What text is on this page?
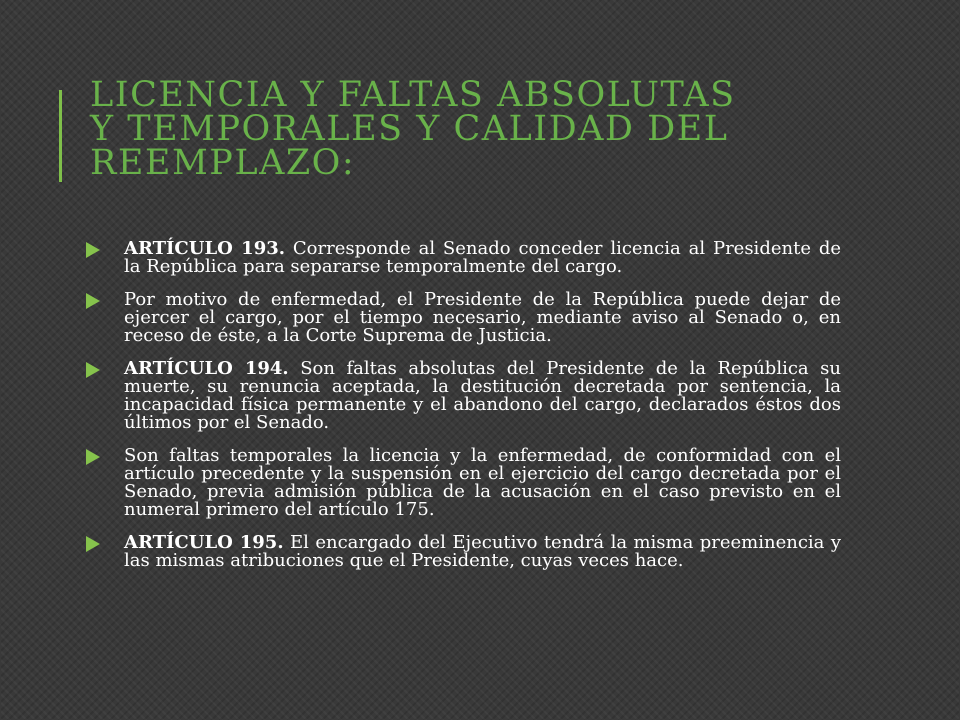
LICENCIA Y FALTAS ABSOLUTAS
Y TEMPORALES Y CALIDAD DEL
REEMPLAZO:
ARTÍCULO 193. Corresponde al Senado conceder licencia al Presidente de la República para separarse temporalmente del cargo.
Por motivo de enfermedad, el Presidente de la República puede dejar de ejercer el cargo, por el tiempo necesario, mediante aviso al Senado o, en receso de éste, a la Corte Suprema de Justicia.
ARTÍCULO 194. Son faltas absolutas del Presidente de la República su muerte, su renuncia aceptada, la destitución decretada por sentencia, la incapacidad física permanente y el abandono del cargo, declarados éstos dos últimos por el Senado.
Son faltas temporales la licencia y la enfermedad, de conformidad con el artículo precedente y la suspensión en el ejercicio del cargo decretada por el Senado, previa admisión pública de la acusación en el caso previsto en el numeral primero del artículo 175.
ARTÍCULO 195. El encargado del Ejecutivo tendrá la misma preeminencia y las mismas atribuciones que el Presidente, cuyas veces hace.
